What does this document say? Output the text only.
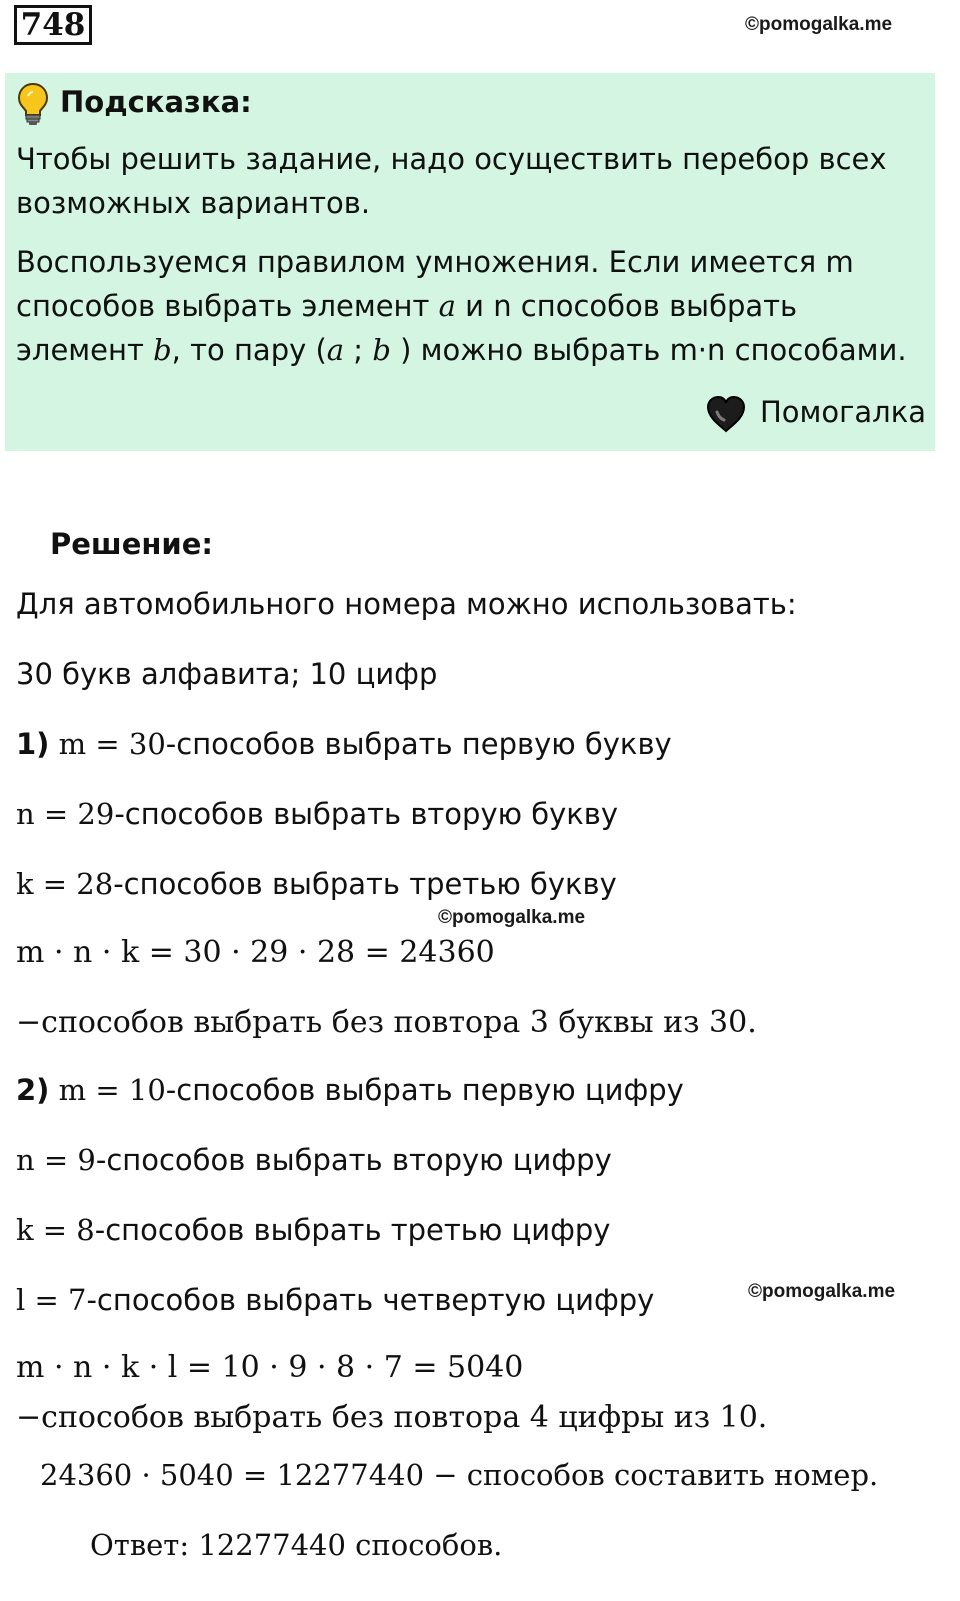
748	©pomogalka.me
Подсказка:
Чтобы решить задание, надо осуществить перебор всех
возможных вариантов.
Воспользуемся правилом умножения. Если имеется m
способов выбрать элемент a и n способов выбрать
элемент b, то пару (a ; b ) можно выбрать m·n способами.
Помогалка
Решение:
Для автомобильного номера можно использовать:
30 букв алфавита; 10 цифр
1) m = 30-способов выбрать первую букву
n = 29-способов выбрать вторую букву
k = 28-способов выбрать третью букву
©pomogalka.me
m · n · k = 30 · 29 · 28 = 24360
−способов выбрать без повтора 3 буквы из 30.
2) m = 10-способов выбрать первую цифру
n = 9-способов выбрать вторую цифру
k = 8-способов выбрать третью цифру
l = 7-способов выбрать четвертую цифру	©pomogalka.me
m · n · k · l = 10 · 9 · 8 · 7 = 5040
−способов выбрать без повтора 4 цифры из 10.
24360 · 5040 = 12277440 − способов составить номер.
Ответ: 12277440 способов.
